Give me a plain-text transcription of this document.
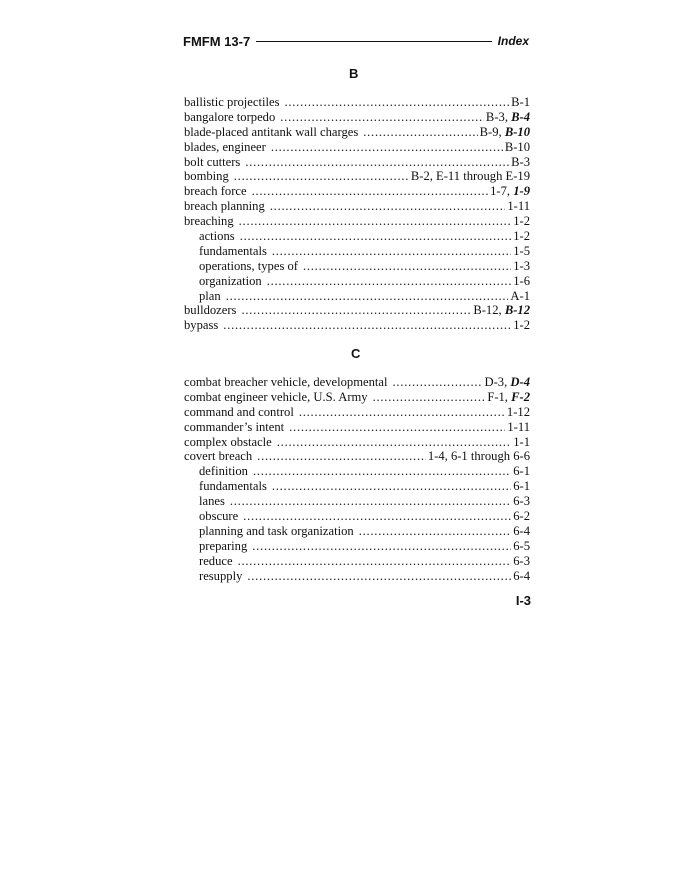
FMFM 13-7	Index
B
ballistic projectiles . . .	B-1
bangalore torpedo . . .	B-3, B-4
blade-placed antitank wall charges . . .	B-9, B-10
blades, engineer . . .	B-10
bolt cutters . . .	B-3
bombing . . .	B-2, E-11 through E-19
breach force . . .	1-7, 1-9
breach planning . . .	1-11
breaching . . .	1-2
actions . . .	1-2
fundamentals . . .	1-5
operations, types of . . .	1-3
organization . . .	1-6
plan . . .	A-1
bulldozers . . .	B-12, B-12
bypass . . .	1-2
C
combat breacher vehicle, developmental . . .	D-3, D-4
combat engineer vehicle, U.S. Army . . .	F-1, F-2
command and control . . .	1-12
commander’s intent . . .	1-11
complex obstacle . . .	1-1
covert breach . . .	1-4, 6-1 through 6-6
definition . . .	6-1
fundamentals . . .	6-1
lanes . . .	6-3
obscure . . .	6-2
planning and task organization . . .	6-4
preparing . . .	6-5
reduce . . .	6-3
resupply . . .	6-4
I-3
